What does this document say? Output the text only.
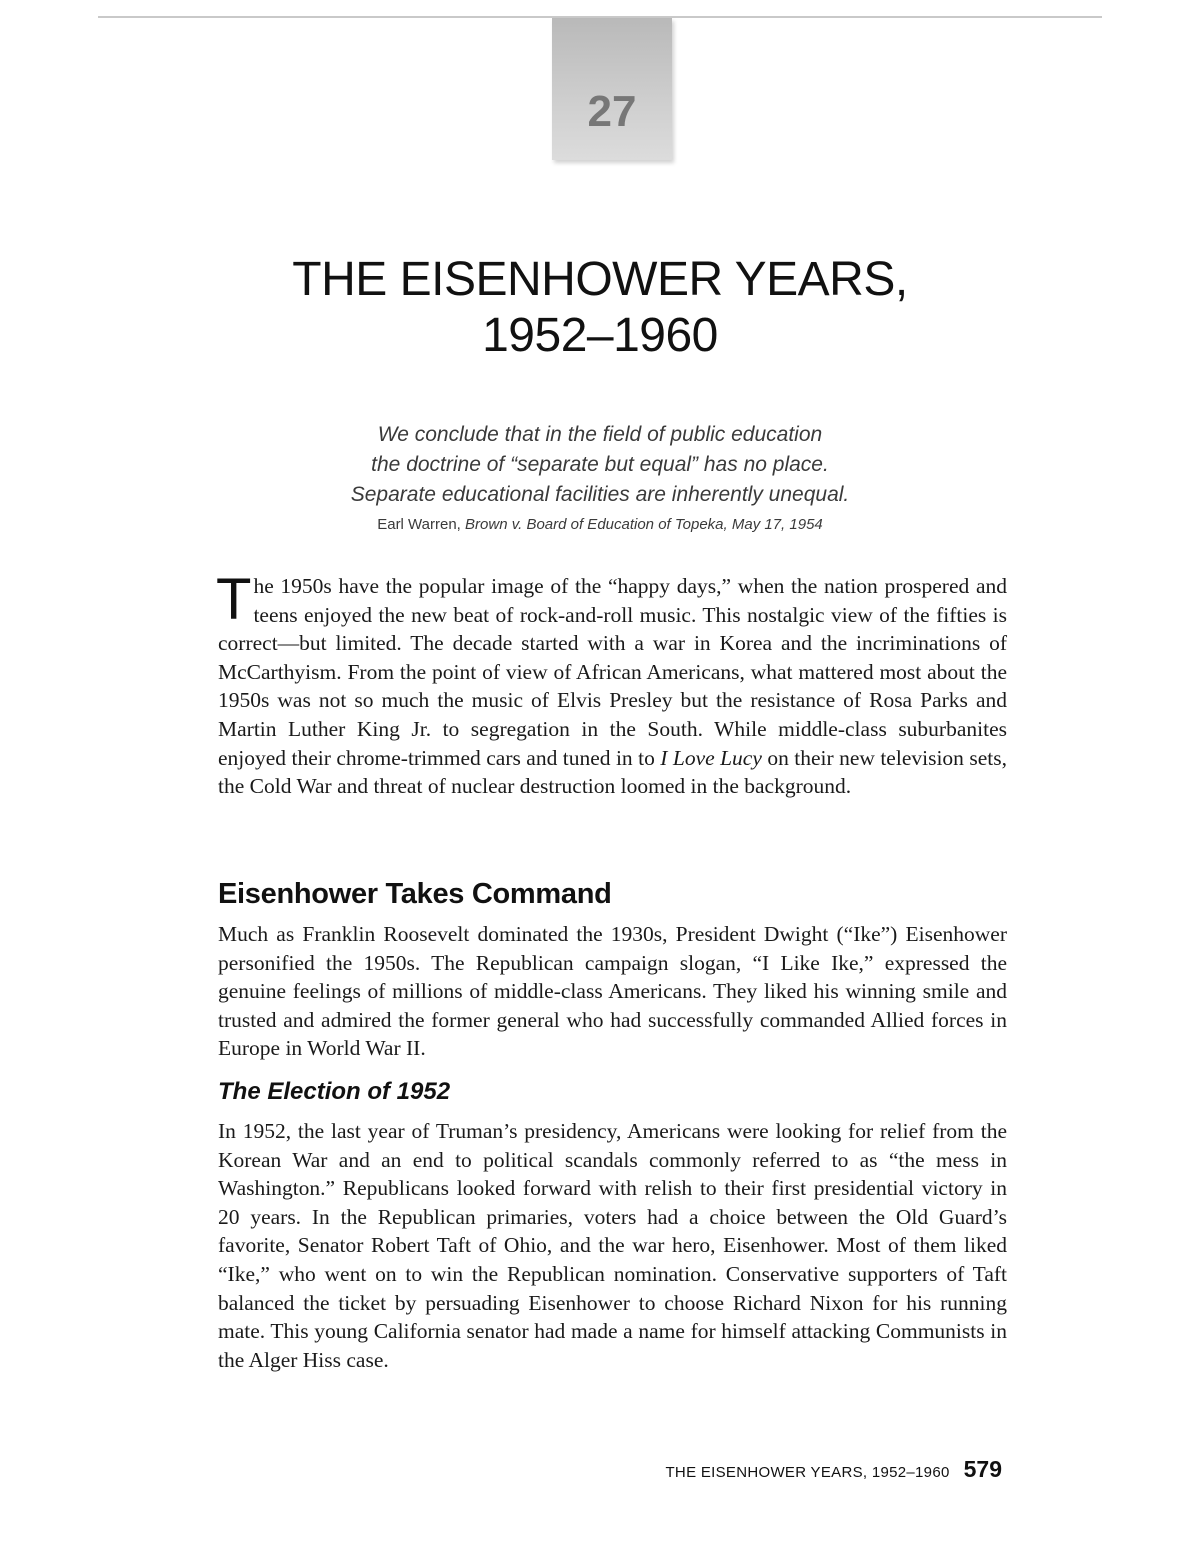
27
THE EISENHOWER YEARS,
1952–1960
We conclude that in the field of public education
the doctrine of “separate but equal” has no place.
Separate educational facilities are inherently unequal.
Earl Warren, Brown v. Board of Education of Topeka, May 17, 1954

The 1950s have the popular image of the “happy days,” when the nation prospered and teens enjoyed the new beat of rock-and-roll music. This nostalgic view of the fifties is correct—but limited. The decade started with a war in Korea and the incriminations of McCarthyism. From the point of view of African Americans, what mattered most about the 1950s was not so much the music of Elvis Presley but the resistance of Rosa Parks and Martin Luther King Jr. to segregation in the South. While middle-class suburbanites enjoyed their chrome-trimmed cars and tuned in to I Love Lucy on their new television sets, the Cold War and threat of nuclear destruction loomed in the background.

Eisenhower Takes Command

Much as Franklin Roosevelt dominated the 1930s, President Dwight (“Ike”) Eisenhower personified the 1950s. The Republican campaign slogan, “I Like Ike,” expressed the genuine feelings of millions of middle-class Americans. They liked his winning smile and trusted and admired the former general who had successfully commanded Allied forces in Europe in World War II.

The Election of 1952

In 1952, the last year of Truman’s presidency, Americans were looking for relief from the Korean War and an end to political scandals commonly referred to as “the mess in Washington.” Republicans looked forward with relish to their first presidential victory in 20 years. In the Republican primaries, voters had a choice between the Old Guard’s favorite, Senator Robert Taft of Ohio, and the war hero, Eisenhower. Most of them liked “Ike,” who went on to win the Republican nomination. Conservative supporters of Taft balanced the ticket by persuading Eisenhower to choose Richard Nixon for his running mate. This young California senator had made a name for himself attacking Communists in the Alger Hiss case.

THE EISENHOWER YEARS, 1952–1960 579
